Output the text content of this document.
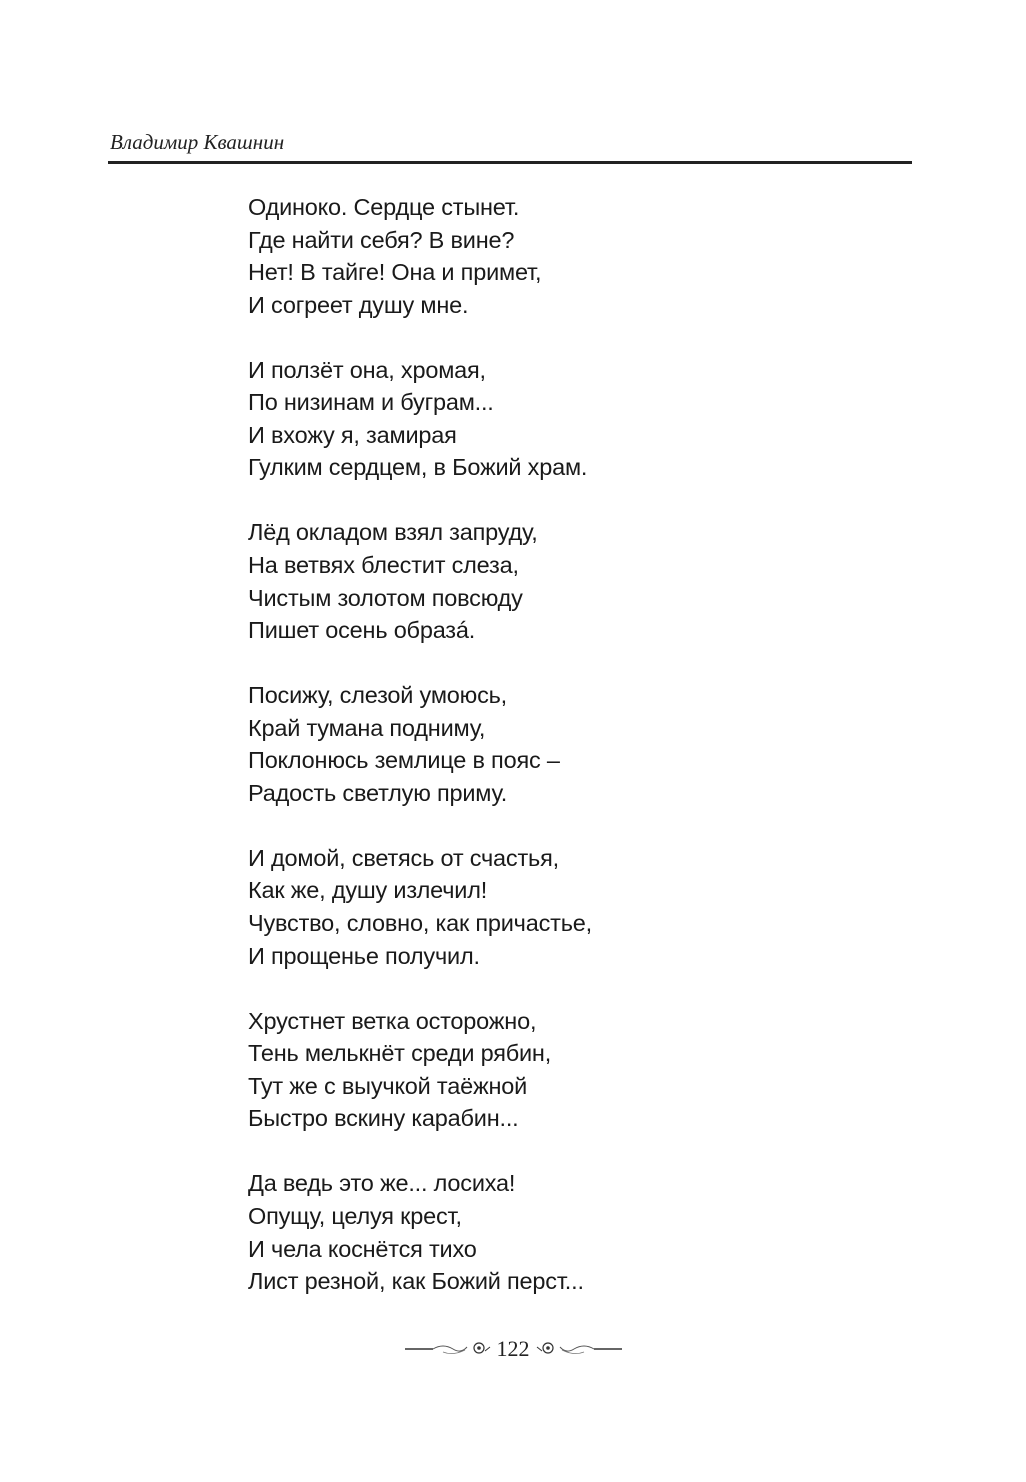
Владимир Квашнин
Одиноко. Сердце стынет.
Где найти себя? В вине?
Нет! В тайге! Она и примет,
И согреет душу мне.
И ползёт она, хромая,
По низинам и буграм...
И вхожу я, замирая
Гулким сердцем, в Божий храм.
Лёд окладом взял запруду,
На ветвях блестит слеза,
Чистым золотом повсюду
Пишет осень образá.
Посижу, слезой умоюсь,
Край тумана подниму,
Поклонюсь землице в пояс –
Радость светлую приму.
И домой, светясь от счастья,
Как же, душу излечил!
Чувство, словно, как причастье,
И прощенье получил.
Хрустнет ветка осторожно,
Тень мелькнёт среди рябин,
Тут же с выучкой таёжной
Быстро вскину карабин...
Да ведь это же... лосиха!
Опущу, целуя крест,
И чела коснётся тихо
Лист резной, как Божий перст...
122
